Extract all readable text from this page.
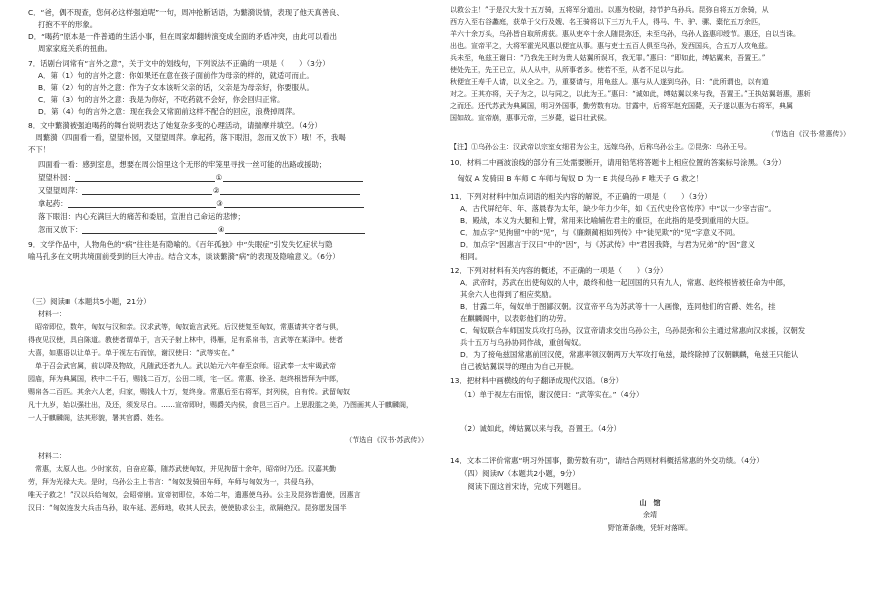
C．“爸，偶不现查，您何必这样强迫呢”一句，周冲抢断话语，为蘩漪说情，表现了他天真善良、
打抱不平的形象。
D．“喝药”原本是一件普通的生活小事，但在周家却翻转演变成全面的矛盾冲突，由此可以看出
周家家庭关系的扭曲。
7．话剧台词常有“言外之意”，关于文中的划线句，下列说法不正确的一项是（　　）（3分）
A．第（1）句的言外之意：你如果还在意在孩子面前作为母亲的样的，就适可而止。
B．第（2）句的言外之意：作为子女本该听父亲的话，父亲是为母亲好，你要服从。
C．第（3）句的言外之意：我是为你好，不吃药就不会好，你会回归正常。
D．第（4）句的言外之意：现在我会又常面前这样不配合的回应，浪费掉周萍。
8．文中蘩漪被强迫喝药的舞台说明表达了她复杂多变的心理活动，请揣摩并填空。（4分）
　周蘩漪（四面看一看，望望朴园，又望望周萍。拿起药，落下眼泪，忽而又放下）哦！不，我喝
不下！
四面看一看：感到室息，想要在周公馆里这个无形的牢笼里寻找一丝可能的出路或援助；
望望朴园：	①
又望望周萍：	②
拿起药：	③
落下眼泪：内心充满巨大的痛苦和委屈，宣泄自己命运的悲惨；
忽而又放下：	④
9．文学作品中，人物角色的“病”往往是有隐喻的。《百年孤独》中“失眠症”引发失忆症状与隐
喻马孔多在文明共境面前受到的巨大冲击。结合文本，谈谈蘩漪“病”的表现及隐喻意义。（6分）
（三）阅读Ⅲ（本题共5小题，21分）
材料一：
　昭帝即位，数年，匈奴与汉和亲。汉求武等，匈奴诡言武死。后汉使复至匈奴，常惠请其守者与俱，
得夜见汉使，具自陈道。教使者谓单于，言天子射上林中，得雁，足有系帛书，言武等在某泽中。使者
大喜，如惠语以让单于。单于视左右而惊，谢汉使曰：“武等实在。”
　单于召会武官属，前以降及物故，凡随武还者九人。武以始元六年春至京师。诏武奉一太牢谒武帝
园庙，拜为典属国，秩中二千石，赐钱二百万，公田二顷，宅一区。常惠、徐圣、赵终根皆拜为中郎，
赐帛各二百匹。其余六人老，归家，赐钱人十万，复终身。常惠后至右将军，封列侯，自有传。武留匈奴
凡十九岁，始以强壮出，及还，须发尽白。……宣帝即时，赐爵关内侯，食邑三百户。上思股肱之美，乃图画其人于麒麟阁，
一人于麒麟阁，法其形貌，署其官爵、姓名。
（节选自《汉书·苏武传》）
材料二：
　常惠，太原人也。少时家贫，自奋应募，随苏武使匈奴，并见拘留十余年，昭帝时乃还。汉嘉其勤
劳，拜为光禄大夫。是时，乌孙公主上书言：“匈奴发骑田车师，车师与匈奴为一，共侵乌孙，
唯天子救之！”汉以兵给匈奴，会昭帝崩。宣帝初即位，本始二年，遣惠使乌孙。公主及昆弥皆遣使，因惠言
汉曰：“匈奴连发大兵击乌孙，取车延、恶师地，收其人民去，使使胁求公主，欲隔绝汉。昆弥愿发国半
以救公主！”于是汉大发十五万骑，五将军分道出。以惠为校尉，持节护乌孙兵。昆弥自将五万余骑，从
西方入至右谷蠡庭，获单于父行及嫂、名王骑将以下三万九千人，得马、牛、驴、骡、橐佗五万余匹，
羊六十余万头，乌孙皆自取所虏获。惠从吏卒十余人随昆弥还，未至乌孙，乌孙人盗惠印绶节。惠还，自以当诛。
出也。宣帝平之，大将军霍光风惠以便宜从事。惠与吏士五百人俱至乌孙，发西国兵，合五万人攻龟兹。
兵未至，龟兹王谢曰：“乃我先王时为贵人姑翼所误耳，我无罪。”惠曰：“即如此，缚姑翼来，吾置王。”
使处先王，先王已立，从人从中，从所事者多。使若不至，从者不足以与此。
秋便宜王寿千人请，以义全之。乃，重要请与，用龟兹人。惠与从人遂到乌孙，曰：“此所谓也，以有道
对之。王其亦将，天子为之，以与同之，以此为王。”惠曰：“诚如此，缚姑翼以来与我，吾置王。”王执姑翼诣惠，惠斩
之而还。还代苏武为典属国，明习外国事，勤劳数有功。甘露中，后将军赵充国薨，天子遂以惠为右将军，典属
国如故。宣帝崩，惠事元帝，三岁薨，谥曰壮武侯。
（节选自《汉书·常惠传》）
【注】①乌孙公主：汉武帝以宗室女细君为公主，远嫁乌孙，后称乌孙公主。②昆弥：乌孙王号。
10．材料二中画波浪线的部分有三处需要断开，请用铅笔将答题卡上相应位置的答案标号涂黑。（3分）
　匈奴 A 发骑田 B 车师 C 车师与匈奴 D 为一 E 共侵乌孙 F 唯天子 G 救之！
11．下列对材料中加点词语的相关内容的解说，不正确的一项是（　　）（3分）
A．古代屏纪年、年、落晨春为太年，缺少年力少年，如《五代史伶官传序》中“以一少宰吉宙”。
B．殿战，本义为大腿和上臂，常用来比喻辅佐君主的重臣，在此指的是受到重用的大臣。
C．加点字“见拘留”中的“见”，与《廉颇蔺相如列传》中“徒见欺”的“见”字意义不同。
D．加点字“因惠言于汉曰”中的“因”，与《苏武传》中“君因我降，与君为兄弟”的“因”意义
相同。
12．下列对材料有关内容的概述，不正确的一项是（　　）（3分）
A．武帝时，苏武在出使匈奴的人中，最终和他一起回国的只有九人，常惠、赵终根皆被任命为中郎，
其余六人也得到了相应奖励。
B．甘露二年，匈奴单于图鄙汉朝。汉宣帝平乌为苏武等十一人画像，连同他们的官爵、姓名，挂
在麒麟阁中，以表彰他们的功劳。
C．匈奴联合车师国发兵攻打乌孙，汉宣帝请求交出乌孙公主，乌孙昆弥和公主通过常惠向汉求援，汉朝发
兵十五万与乌孙协同作战，重创匈奴。
D．为了接龟兹国常惠前回汉使，常惠率领汉朝两万大军攻打龟兹，最终除掉了汉朝麒麟，龟兹王只能认
自己被姑翼误导的理由为自己开脱。
13．把材料中画横线的句子翻译成现代汉语。（8分）
（1）单于视左右而惊，谢汉使曰：“武等实在。”（4分）
（2）诚如此，缚姑翼以来与我，吾置王。（4分）
14．文本二评价常惠“明习外国事，勤劳数有功”，请结合两则材料概括常惠的外交功绩。（4分）
（四）阅读Ⅳ（本题共2小题，9分）
　阅读下面这首宋诗，完成下列题目。
山　馆
余靖
野馆萧条晚，凭轩对落晖。
